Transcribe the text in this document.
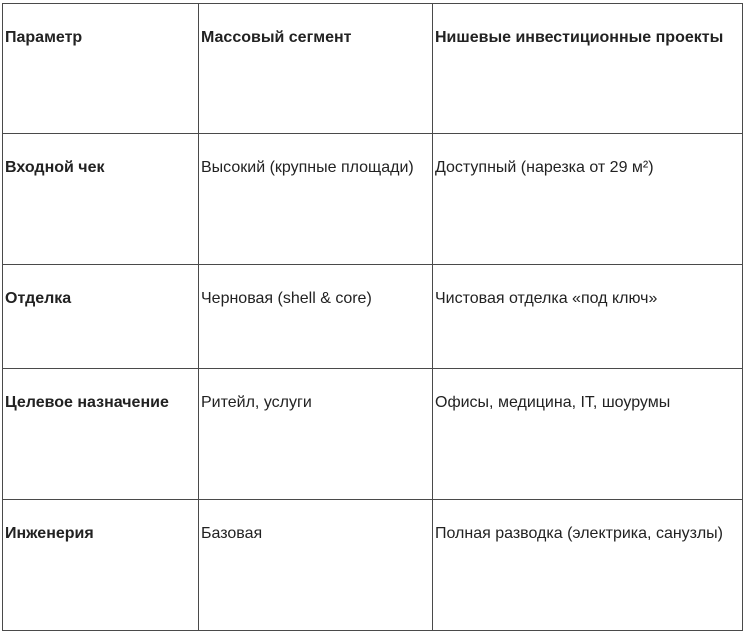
Параметр	Массовый сегмент	Нишевые инвестиционные проекты
Входной чек	Высокий (крупные площади)	Доступный (нарезка от 29 м²)
Отделка	Черновая (shell & core)	Чистовая отделка «под ключ»
Целевое назначение	Ритейл, услуги	Офисы, медицина, IT, шоурумы
Инженерия	Базовая	Полная разводка (электрика, санузлы)
